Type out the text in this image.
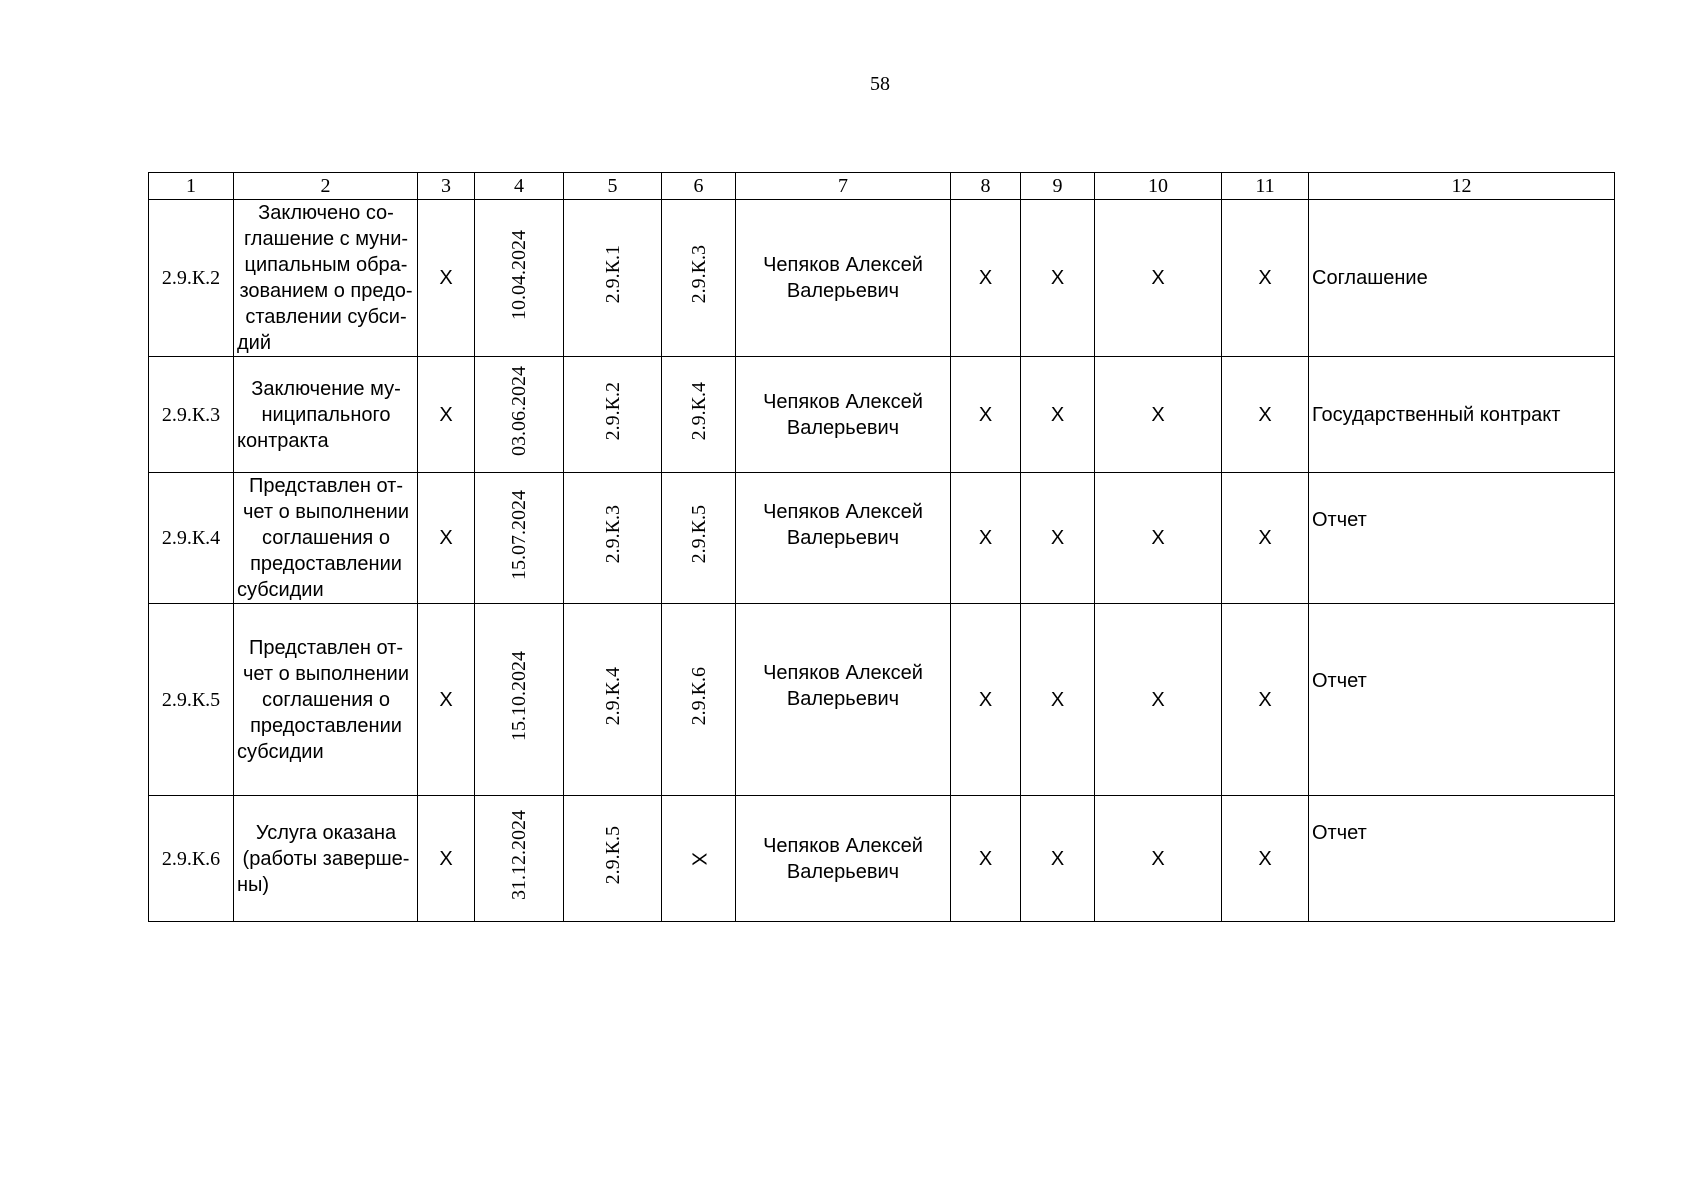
58
1	2	3	4	5	6	7	8	9	10	11	12
2.9.К.2	Заключено со-глашение с муни-ципальным обра-зованием о предо-ставлении субси-дий	Х	10.04.2024	2.9.К.1	2.9.К.3	Чепяков Алексей Валерьевич	Х	Х	Х	Х	Соглашение
2.9.К.3	Заключение му-ниципального контракта	Х	03.06.2024	2.9.К.2	2.9.К.4	Чепяков Алексей Валерьевич	Х	Х	Х	Х	Государственный контракт
2.9.К.4	Представлен от-чет о выполнении соглашения о предоставлении субсидии	Х	15.07.2024	2.9.К.3	2.9.К.5	Чепяков Алексей Валерьевич	Х	Х	Х	Х	Отчет
2.9.К.5	Представлен от-чет о выполнении соглашения о предоставлении субсидии	Х	15.10.2024	2.9.К.4	2.9.К.6	Чепяков Алексей Валерьевич	Х	Х	Х	Х	Отчет
2.9.К.6	Услуга оказана (работы заверше-ны)	Х	31.12.2024	2.9.К.5	Х	Чепяков Алексей Валерьевич	Х	Х	Х	Х	Отчет
